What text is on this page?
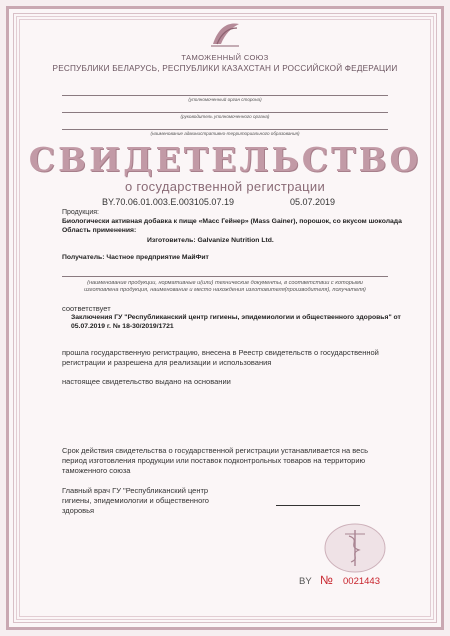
ТАМОЖЕННЫЙ СОЮЗ
РЕСПУБЛИКИ БЕЛАРУСЬ, РЕСПУБЛИКИ КАЗАХСТАН И РОССИЙСКОЙ ФЕДЕРАЦИИ
(уполномоченный орган сторона)
(руководитель уполномоченного органа)
(наименование административно-территориального образования)
СВИДЕТЕЛЬСТВО
о государственной регистрации
BY.70.06.01.003.E.003105.07.19	05.07.2019
Продукция:
Биологически активная добавка к пище «Масс Гейнер» (Mass Gainer), порошок, со вкусом шоколада
Область применения:
Изготовитель: Galvanize Nutrition Ltd.
Получатель: Частное предприятие МайФит
(наименование продукции, нормативные и(или) технические документы, в соответствии с которыми
изготовлена продукция, наименование и место нахождения изготовителя(производителя), получателя)
соответствует
Заключения ГУ "Республиканский центр гигиены, эпидемиологии и общественного здоровья" от
05.07.2019 г. № 18-30/2019/1721
прошла государственную регистрацию, внесена в Реестр свидетельств о государственной
регистрации и разрешена для реализации и использования
настоящее свидетельство выдано на основании
Срок действия свидетельства о государственной регистрации устанавливается на весь
период изготовления продукции или поставок подконтрольных товаров на территорию
таможенного союза
Главный врач ГУ "Республиканский центр
гигиены, эпидемиологии и общественного
здоровья
BY № 0021443
